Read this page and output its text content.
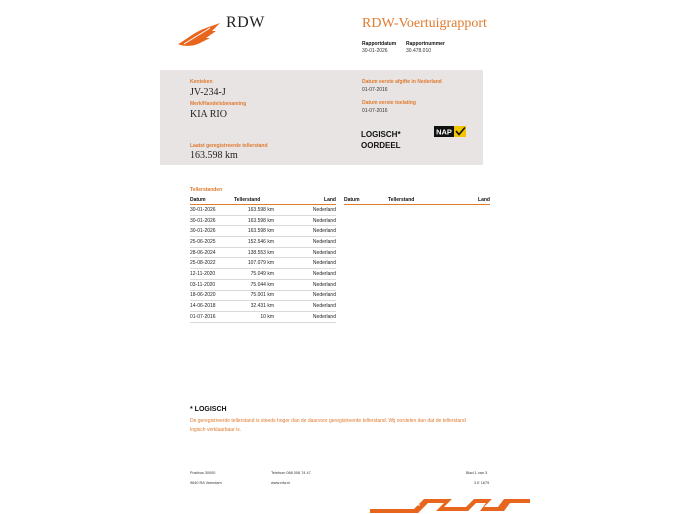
RDW	RDW-Voertuigrapport
Rapportdatum
30-01-2026
Rapportnummer
30.478.010
Kenteken
JV-234-J
Merk/Handelsbenaming
KIA RIO
Laatst geregistreerde tellerstand
163.598 km
Datum eerste afgifte in Nederland
01-07-2016
Datum eerste toelating
01-07-2016
LOGISCH*
OORDEEL
NAP
Tellerstanden
Datum	Tellerstand	Land
30-01-2026	163.598 km	Nederland
30-01-2026	163.598 km	Nederland
30-01-2026	163.598 km	Nederland
25-06-2025	152.546 km	Nederland
28-06-2024	138.553 km	Nederland
25-08-2022	107.079 km	Nederland
12-11-2020	75.049 km	Nederland
03-11-2020	75.044 km	Nederland
18-06-2020	75.001 km	Nederland
14-06-2018	32.431 km	Nederland
01-07-2016	10 km	Nederland
Datum	Tellerstand	Land
* LOGISCH
De geregistreerde tellerstand is steeds hoger dan de daarvoor geregistreerde tellerstand. Wij oordelen dan dat de tellerstand logisch verklaarbaar is.
Postbus 30000
9640 RA Veendam
Telefoon 088 008 74 47
www.rdw.nl
Blad 1 van 3
3 E 1679
